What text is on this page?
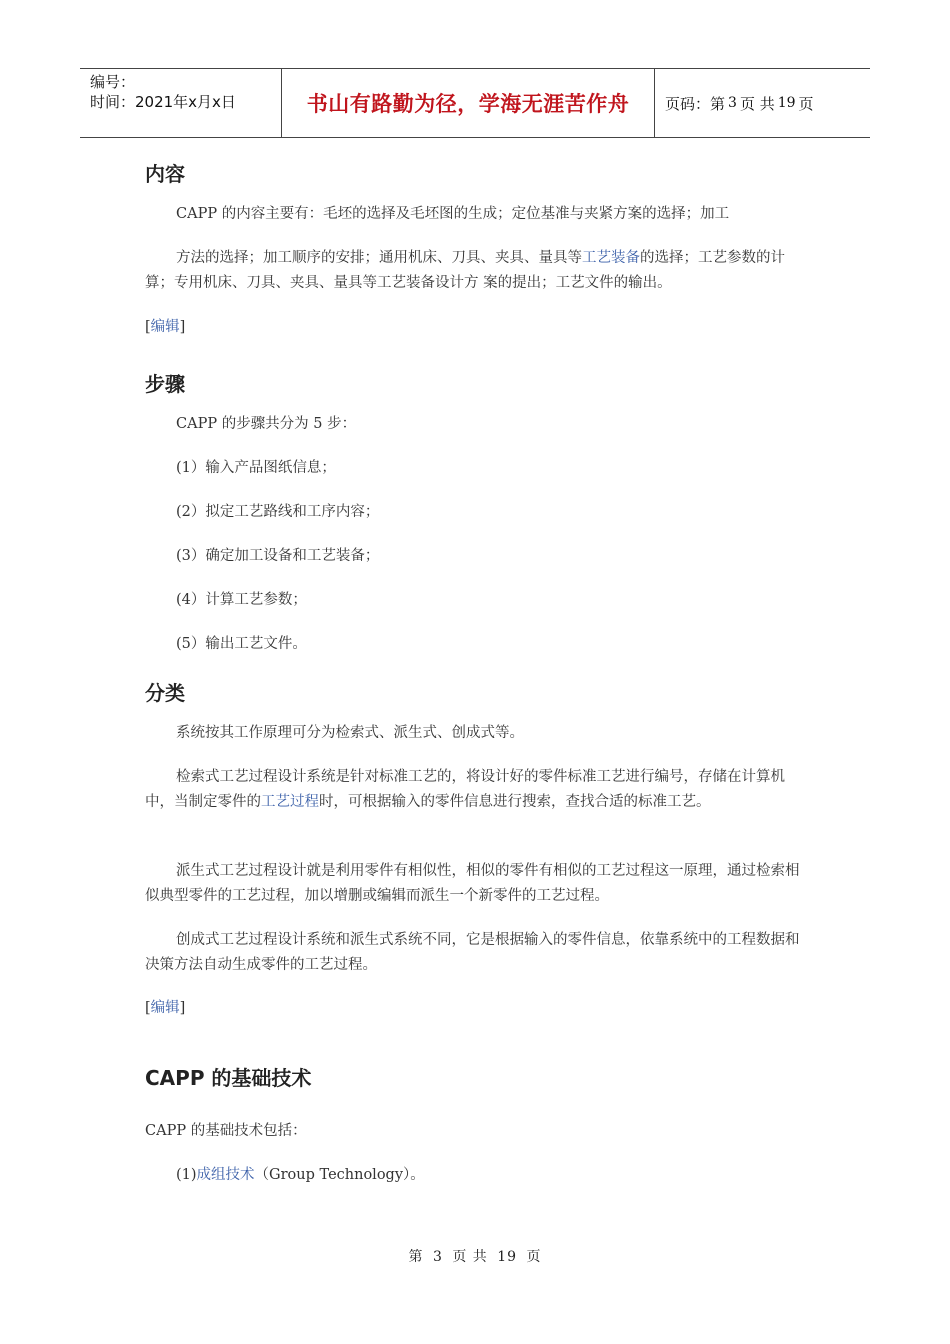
编号：
时间：2021年x月x日	书山有路勤为径，学海无涯苦作舟	页码：第 3 页 共 19 页
内容
CAPP 的内容主要有：毛坯的选择及毛坯图的生成；定位基准与夹紧方案的选择；加工
方法的选择；加工顺序的安排；通用机床、刀具、夹具、量具等工艺装备的选择；工艺参数的计算；专用机床、刀具、夹具、量具等工艺装备设计方 案的提出；工艺文件的输出。
[编辑]
步骤
CAPP 的步骤共分为 5 步：
(1）输入产品图纸信息；
(2）拟定工艺路线和工序内容；
(3）确定加工设备和工艺装备；
(4）计算工艺参数；
(5）输出工艺文件。
分类
系统按其工作原理可分为检索式、派生式、创成式等。
检索式工艺过程设计系统是针对标准工艺的，将设计好的零件标准工艺进行编号，存储在计算机中，当制定零件的工艺过程时，可根据输入的零件信息进行搜索，查找合适的标准工艺。
派生式工艺过程设计就是利用零件有相似性，相似的零件有相似的工艺过程这一原理，通过检索相似典型零件的工艺过程，加以增删或编辑而派生一个新零件的工艺过程。
创成式工艺过程设计系统和派生式系统不同，它是根据输入的零件信息，依靠系统中的工程数据和决策方法自动生成零件的工艺过程。
[编辑]
CAPP 的基础技术
CAPP 的基础技术包括：
(1)成组技术（Group Technology）。
第 3 页 共 19 页
